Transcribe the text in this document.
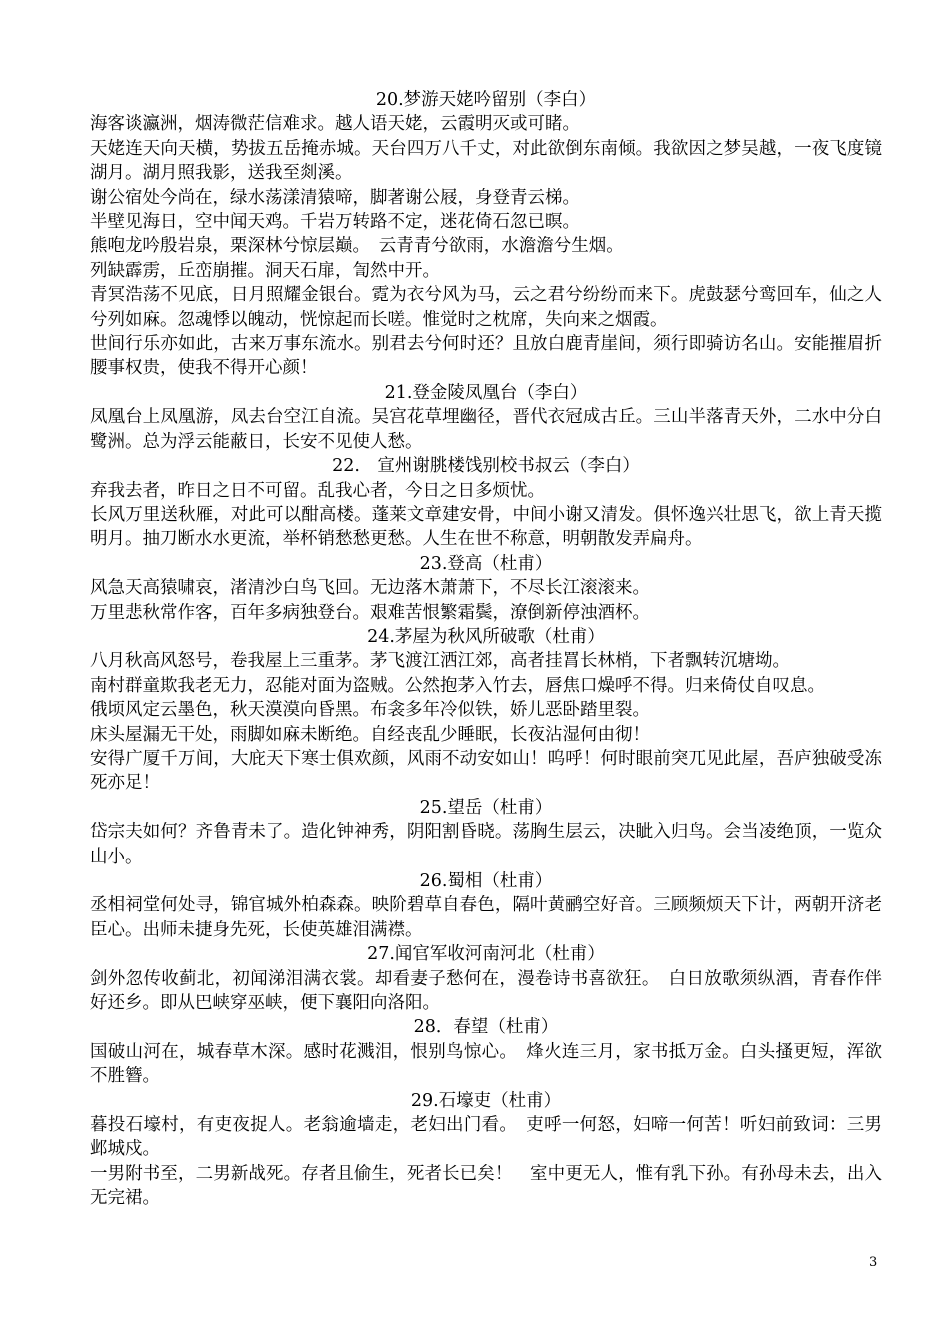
20.梦游天姥吟留别（李白）
海客谈瀛洲，烟涛微茫信难求。越人语天姥，云霞明灭或可睹。
天姥连天向天横，势拔五岳掩赤城。天台四万八千丈，对此欲倒东南倾。我欲因之梦吴越，一夜飞度镜湖月。湖月照我影，送我至剡溪。
谢公宿处今尚在，绿水荡漾清猿啼，脚著谢公屐，身登青云梯。
半壁见海日，空中闻天鸡。千岩万转路不定，迷花倚石忽已暝。
熊咆龙吟殷岩泉，栗深林兮惊层巅。　云青青兮欲雨，水澹澹兮生烟。
列缺霹雳，丘峦崩摧。洞天石扉，訇然中开。
青冥浩荡不见底，日月照耀金银台。霓为衣兮风为马，云之君兮纷纷而来下。虎鼓瑟兮鸾回车，仙之人兮列如麻。忽魂悸以魄动，恍惊起而长嗟。惟觉时之枕席，失向来之烟霞。
世间行乐亦如此，古来万事东流水。别君去兮何时还？且放白鹿青崖间，须行即骑访名山。安能摧眉折腰事权贵，使我不得开心颜！
21.登金陵凤凰台（李白）
凤凰台上凤凰游，凤去台空江自流。吴宫花草埋幽径，晋代衣冠成古丘。三山半落青天外，二水中分白鹭洲。总为浮云能蔽日，长安不见使人愁。
22.　宣州谢朓楼饯别校书叔云（李白）
弃我去者，昨日之日不可留。乱我心者，今日之日多烦忧。
长风万里送秋雁，对此可以酣高楼。蓬莱文章建安骨，中间小谢又清发。俱怀逸兴壮思飞，欲上青天揽明月。抽刀断水水更流，举杯销愁愁更愁。人生在世不称意，明朝散发弄扁舟。
23.登高（杜甫）
风急天高猿啸哀，渚清沙白鸟飞回。无边落木萧萧下，不尽长江滚滚来。
万里悲秋常作客，百年多病独登台。艰难苦恨繁霜鬓，潦倒新停浊酒杯。
24.茅屋为秋风所破歌（杜甫）
八月秋高风怒号，卷我屋上三重茅。茅飞渡江洒江郊，高者挂罥长林梢，下者飘转沉塘坳。
南村群童欺我老无力，忍能对面为盗贼。公然抱茅入竹去，唇焦口燥呼不得。归来倚仗自叹息。
俄顷风定云墨色，秋天漠漠向昏黑。布衾多年冷似铁，娇儿恶卧踏里裂。
床头屋漏无干处，雨脚如麻未断绝。自经丧乱少睡眠，长夜沾湿何由彻！
安得广厦千万间，大庇天下寒士俱欢颜，风雨不动安如山！呜呼！何时眼前突兀见此屋，吾庐独破受冻死亦足！
25.望岳（杜甫）
岱宗夫如何？齐鲁青未了。造化钟神秀，阴阳割昏晓。荡胸生层云，决眦入归鸟。会当凌绝顶，一览众山小。
26.蜀相（杜甫）
丞相祠堂何处寻，锦官城外柏森森。映阶碧草自春色，隔叶黄鹂空好音。三顾频烦天下计，两朝开济老臣心。出师未捷身先死，长使英雄泪满襟。
27.闻官军收河南河北（杜甫）
剑外忽传收蓟北，初闻涕泪满衣裳。却看妻子愁何在，漫卷诗书喜欲狂。　白日放歌须纵酒，青春作伴好还乡。即从巴峡穿巫峡，便下襄阳向洛阳。
28．春望（杜甫）
国破山河在，城春草木深。感时花溅泪，恨别鸟惊心。　烽火连三月，家书抵万金。白头搔更短，浑欲不胜簪。
29.石壕吏（杜甫）
暮投石壕村，有吏夜捉人。老翁逾墙走，老妇出门看。　吏呼一何怒，妇啼一何苦！听妇前致词：三男邺城戍。
一男附书至，二男新战死。存者且偷生，死者长已矣！　室中更无人，惟有乳下孙。有孙母未去，出入无完裙。
3
